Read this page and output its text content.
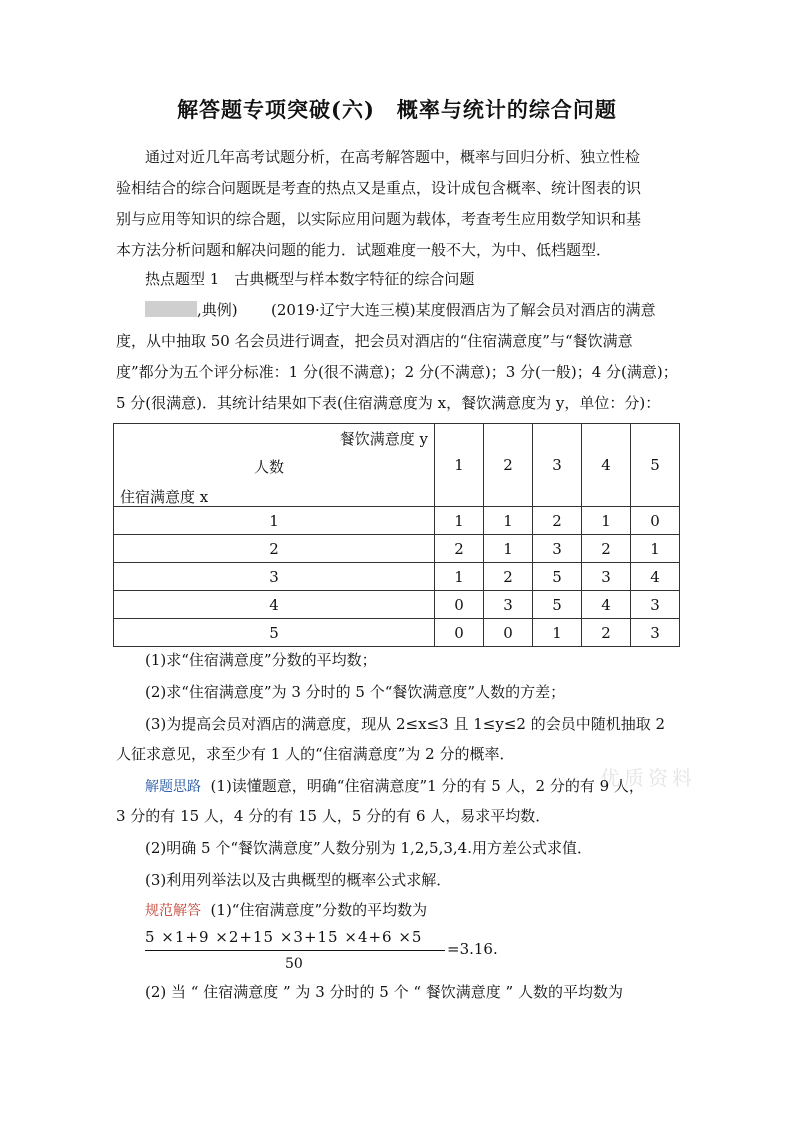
解答题专项突破(六)　概率与统计的综合问题
通过对近几年高考试题分析，在高考解答题中，概率与回归分析、独立性检
验相结合的综合问题既是考查的热点又是重点，设计成包含概率、统计图表的识
别与应用等知识的综合题，以实际应用问题为载体，考查考生应用数学知识和基
本方法分析问题和解决问题的能力．试题难度一般不大，为中、低档题型．
热点题型 1　古典概型与样本数字特征的综合问题
,典例) (2019·辽宁大连三模)某度假酒店为了解会员对酒店的满意
度，从中抽取 50 名会员进行调查，把会员对酒店的“住宿满意度”与“餐饮满意
度”都分为五个评分标准：1 分(很不满意)；2 分(不满意)；3 分(一般)；4 分(满意)；
5 分(很满意)．其统计结果如下表(住宿满意度为 x，餐饮满意度为 y，单位：分)：
餐饮满意度 y
人数
住宿满意度 x	1	2	3	4	5
1	1	1	2	1	0
2	2	1	3	2	1
3	1	2	5	3	4
4	0	3	5	4	3
5	0	0	1	2	3
(1)求“住宿满意度”分数的平均数；
(2)求“住宿满意度”为 3 分时的 5 个“餐饮满意度”人数的方差；
(3)为提高会员对酒店的满意度，现从 2≤x≤3 且 1≤y≤2 的会员中随机抽取 2
人征求意见，求至少有 1 人的“住宿满意度”为 2 分的概率．
优质资料
解题思路 (1)读懂题意，明确“住宿满意度”1 分的有 5 人，2 分的有 9 人，
3 分的有 15 人，4 分的有 15 人，5 分的有 6 人，易求平均数．
(2)明确 5 个“餐饮满意度”人数分别为 1,2,5,3,4.用方差公式求值．
(3)利用列举法以及古典概型的概率公式求解．
规范解答 (1)“住宿满意度”分数的平均数为
5 ×1+9 ×2+15 ×3+15 ×4+6 ×5
50
=3.16.
(2) 当 “ 住宿满意度 ” 为 3 分时的 5 个 “ 餐饮满意度 ” 人数的平均数为
